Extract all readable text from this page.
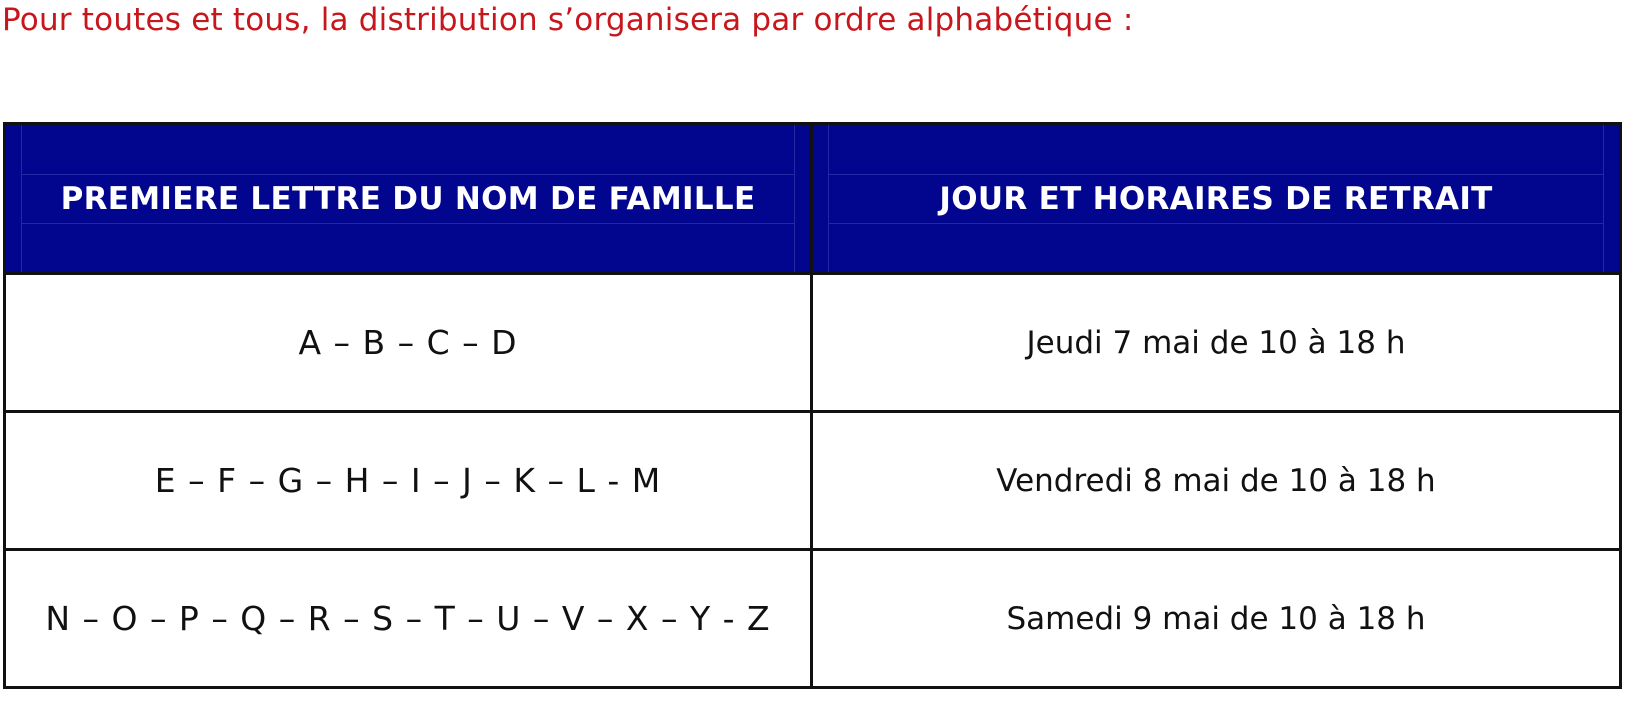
Pour toutes et tous, la distribution s’organisera par ordre alphabétique :

PREMIERE LETTRE DU NOM DE FAMILLE	JOUR ET HORAIRES DE RETRAIT

A – B – C – D	Jeudi 7 mai de 10 à 18 h
E – F – G – H – I – J – K – L - M	Vendredi 8 mai de 10 à 18 h
N – O – P – Q – R – S – T – U – V – X – Y - Z	Samedi 9 mai de 10 à 18 h
